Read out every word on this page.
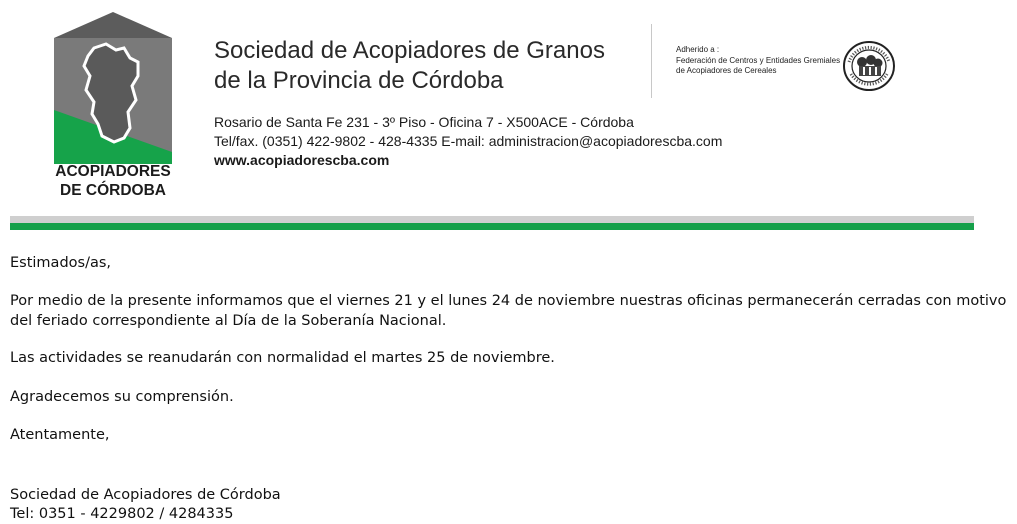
ACOPIADORES
DE CÓRDOBA
Sociedad de Acopiadores de Granos
de la Provincia de Córdoba
Adherido a :
Federación de Centros y Entidades Gremiales
de Acopiadores de Cereales
Rosario de Santa Fe 231 - 3º Piso - Oficina 7 - X500ACE - Córdoba
Tel/fax. (0351) 422-9802 - 428-4335 E-mail: administracion@acopiadorescba.com
www.acopiadorescba.com

Estimados/as,

Por medio de la presente informamos que el viernes 21 y el lunes 24 de noviembre nuestras oficinas permanecerán cerradas con motivo del feriado correspondiente al Día de la Soberanía Nacional.

Las actividades se reanudarán con normalidad el martes 25 de noviembre.

Agradecemos su comprensión.

Atentamente,

Sociedad de Acopiadores de Córdoba

Tel: 0351 - 4229802 / 4284335
